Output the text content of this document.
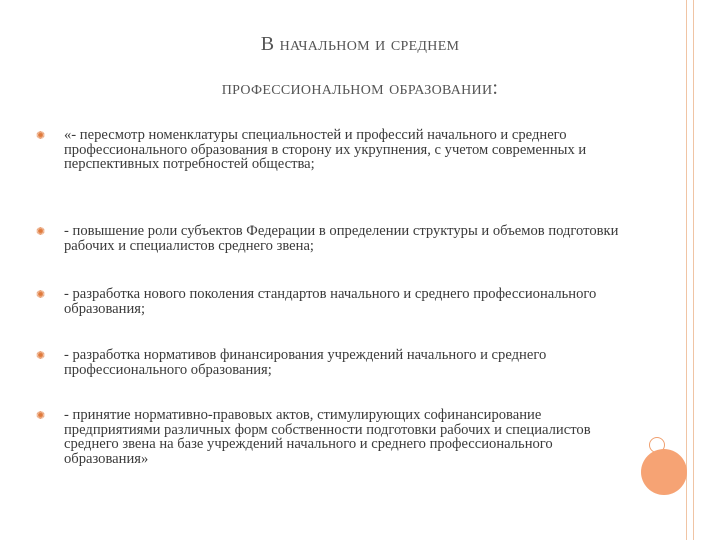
В начальном и среднем
профессиональном образовании:
✺ «- пересмотр номенклатуры специальностей и профессий начального и среднего профессионального образования в сторону их укрупнения, с учетом современных и перспективных потребностей общества;
✺ - повышение роли субъектов Федерации в определении структуры и объемов подготовки рабочих и специалистов среднего звена;
✺ - разработка нового поколения стандартов начального и среднего профессионального образования;
✺ - разработка нормативов финансирования учреждений начального и среднего профессионального образования;
✺ - принятие нормативно-правовых актов, стимулирующих софинансирование предприятиями различных форм собственности подготовки рабочих и специалистов среднего звена на базе учреждений начального и среднего профессионального образования»
